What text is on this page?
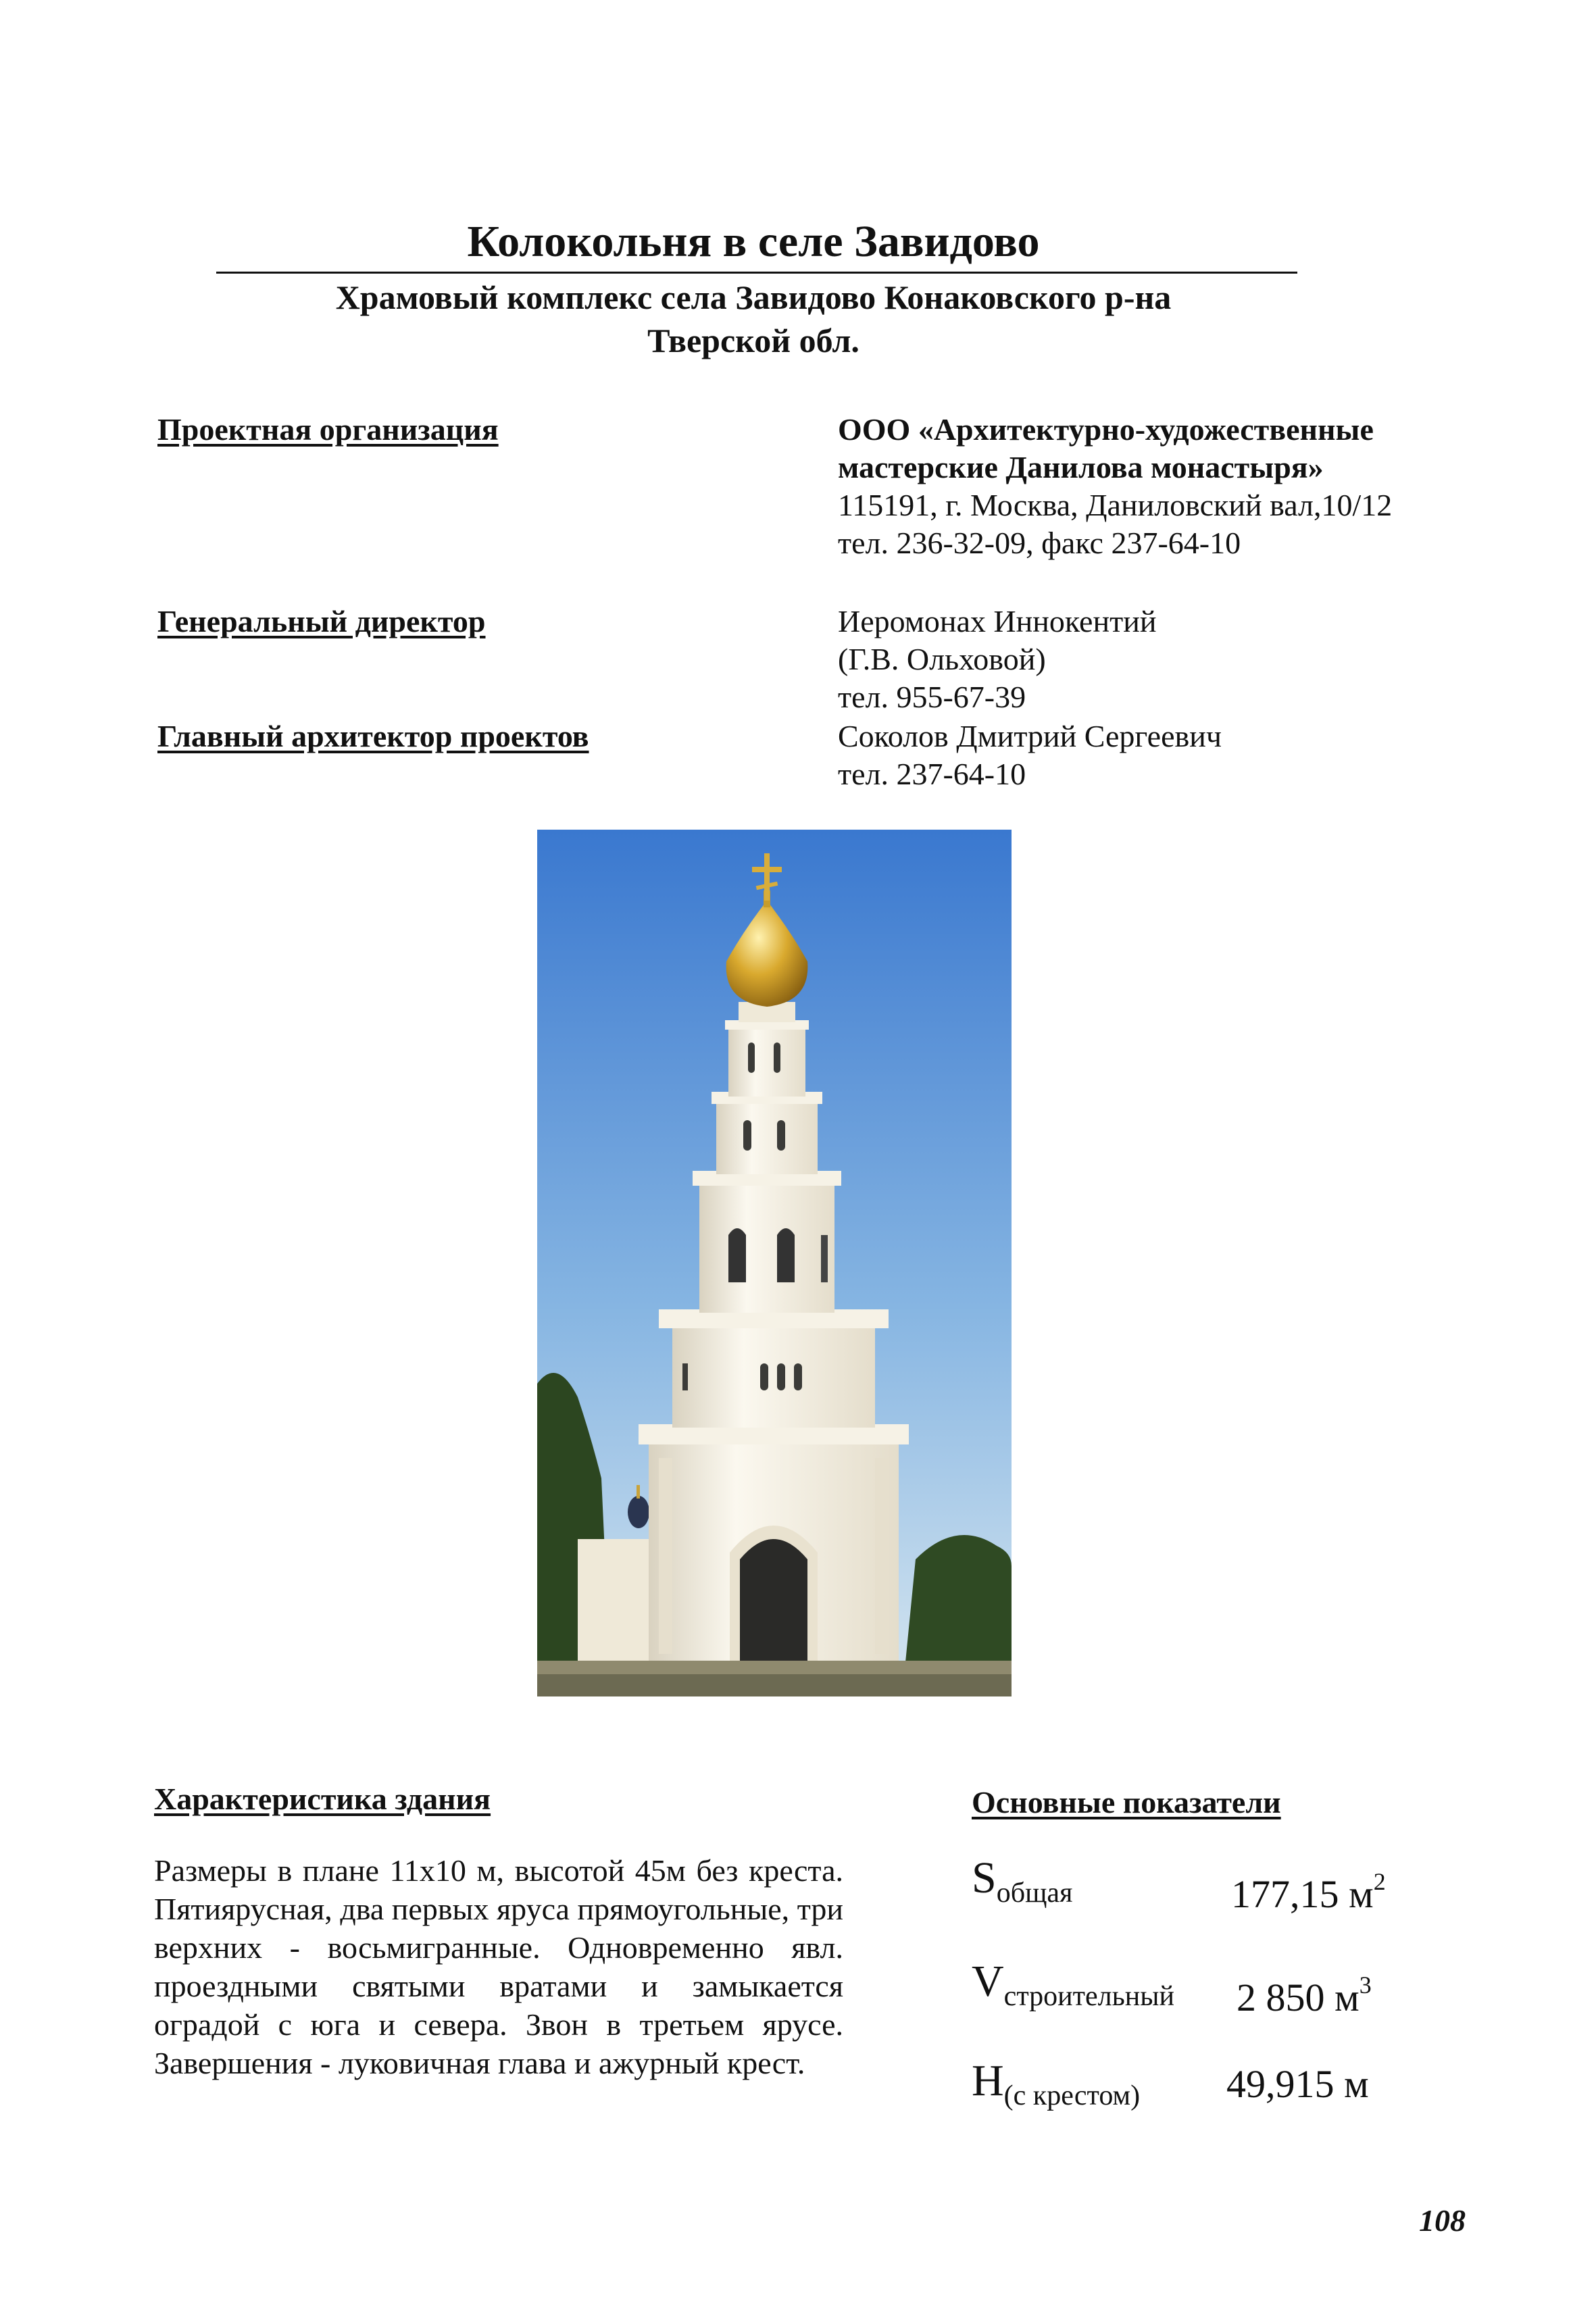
Колокольня в селе Завидово
Храмовый комплекс села Завидово Конаковского р-на
Тверской обл.
Проектная организация	ООО «Архитектурно-художественные
мастерские Данилова монастыря»
115191, г. Москва, Даниловский вал,10/12
тел. 236-32-09, факс 237-64-10
Генеральный директор	Иеромонах Иннокентий
(Г.В. Ольховой)
тел. 955-67-39
Главный архитектор проектов	Соколов Дмитрий Сергеевич
тел. 237-64-10
Характеристика здания
Размеры в плане 11х10 м, высотой 45м без креста. Пятиярусная, два первых яруса прямоугольные, три верхних - восьмигранные. Одновременно явл. проездными святыми вратами и замыкается оградой с юга и севера. Звон в третьем ярусе. Завершения - луковичная глава и ажурный крест.
Основные показатели
$S_{общая}$	177,15 $м^2$
$V_{строительный}$ 2 850 $м^3$
$H_{(с крестом)}$ 49,915 м
108
